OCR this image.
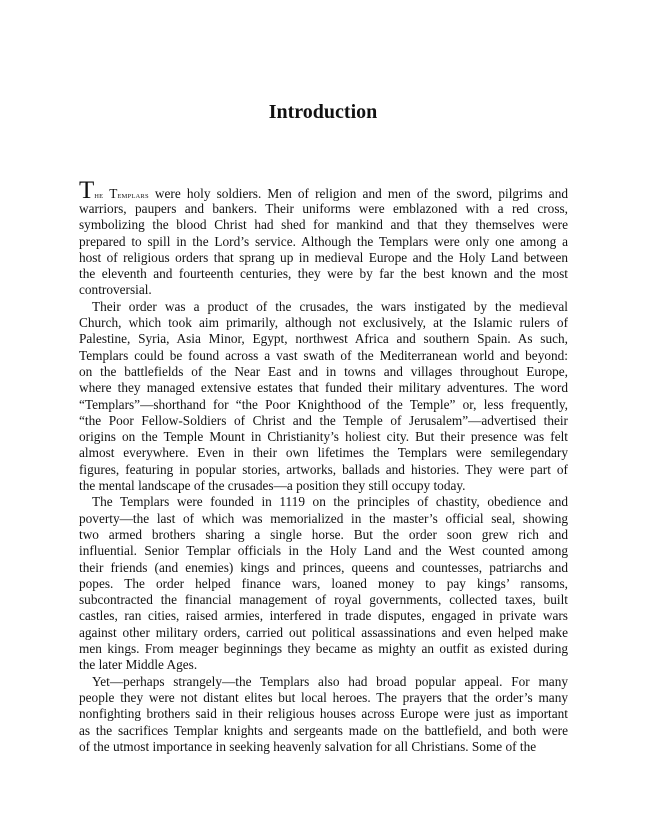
Introduction
THE TEMPLARS were holy soldiers. Men of religion and men of the sword, pilgrims and
warriors, paupers and bankers. Their uniforms were emblazoned with a red cross,
symbolizing the blood Christ had shed for mankind and that they themselves were
prepared to spill in the Lord’s service. Although the Templars were only one among a
host of religious orders that sprang up in medieval Europe and the Holy Land between
the eleventh and fourteenth centuries, they were by far the best known and the most
controversial.
Their order was a product of the crusades, the wars instigated by the medieval
Church, which took aim primarily, although not exclusively, at the Islamic rulers of
Palestine, Syria, Asia Minor, Egypt, northwest Africa and southern Spain. As such,
Templars could be found across a vast swath of the Mediterranean world and beyond:
on the battlefields of the Near East and in towns and villages throughout Europe,
where they managed extensive estates that funded their military adventures. The word
“Templars”—shorthand for “the Poor Knighthood of the Temple” or, less frequently,
“the Poor Fellow-Soldiers of Christ and the Temple of Jerusalem”—advertised their
origins on the Temple Mount in Christianity’s holiest city. But their presence was felt
almost everywhere. Even in their own lifetimes the Templars were semilegendary
figures, featuring in popular stories, artworks, ballads and histories. They were part of
the mental landscape of the crusades—a position they still occupy today.
The Templars were founded in 1119 on the principles of chastity, obedience and
poverty—the last of which was memorialized in the master’s official seal, showing
two armed brothers sharing a single horse. But the order soon grew rich and
influential. Senior Templar officials in the Holy Land and the West counted among
their friends (and enemies) kings and princes, queens and countesses, patriarchs and
popes. The order helped finance wars, loaned money to pay kings’ ransoms,
subcontracted the financial management of royal governments, collected taxes, built
castles, ran cities, raised armies, interfered in trade disputes, engaged in private wars
against other military orders, carried out political assassinations and even helped make
men kings. From meager beginnings they became as mighty an outfit as existed during
the later Middle Ages.
Yet—perhaps strangely—the Templars also had broad popular appeal. For many
people they were not distant elites but local heroes. The prayers that the order’s many
nonfighting brothers said in their religious houses across Europe were just as important
as the sacrifices Templar knights and sergeants made on the battlefield, and both were
of the utmost importance in seeking heavenly salvation for all Christians. Some of the
